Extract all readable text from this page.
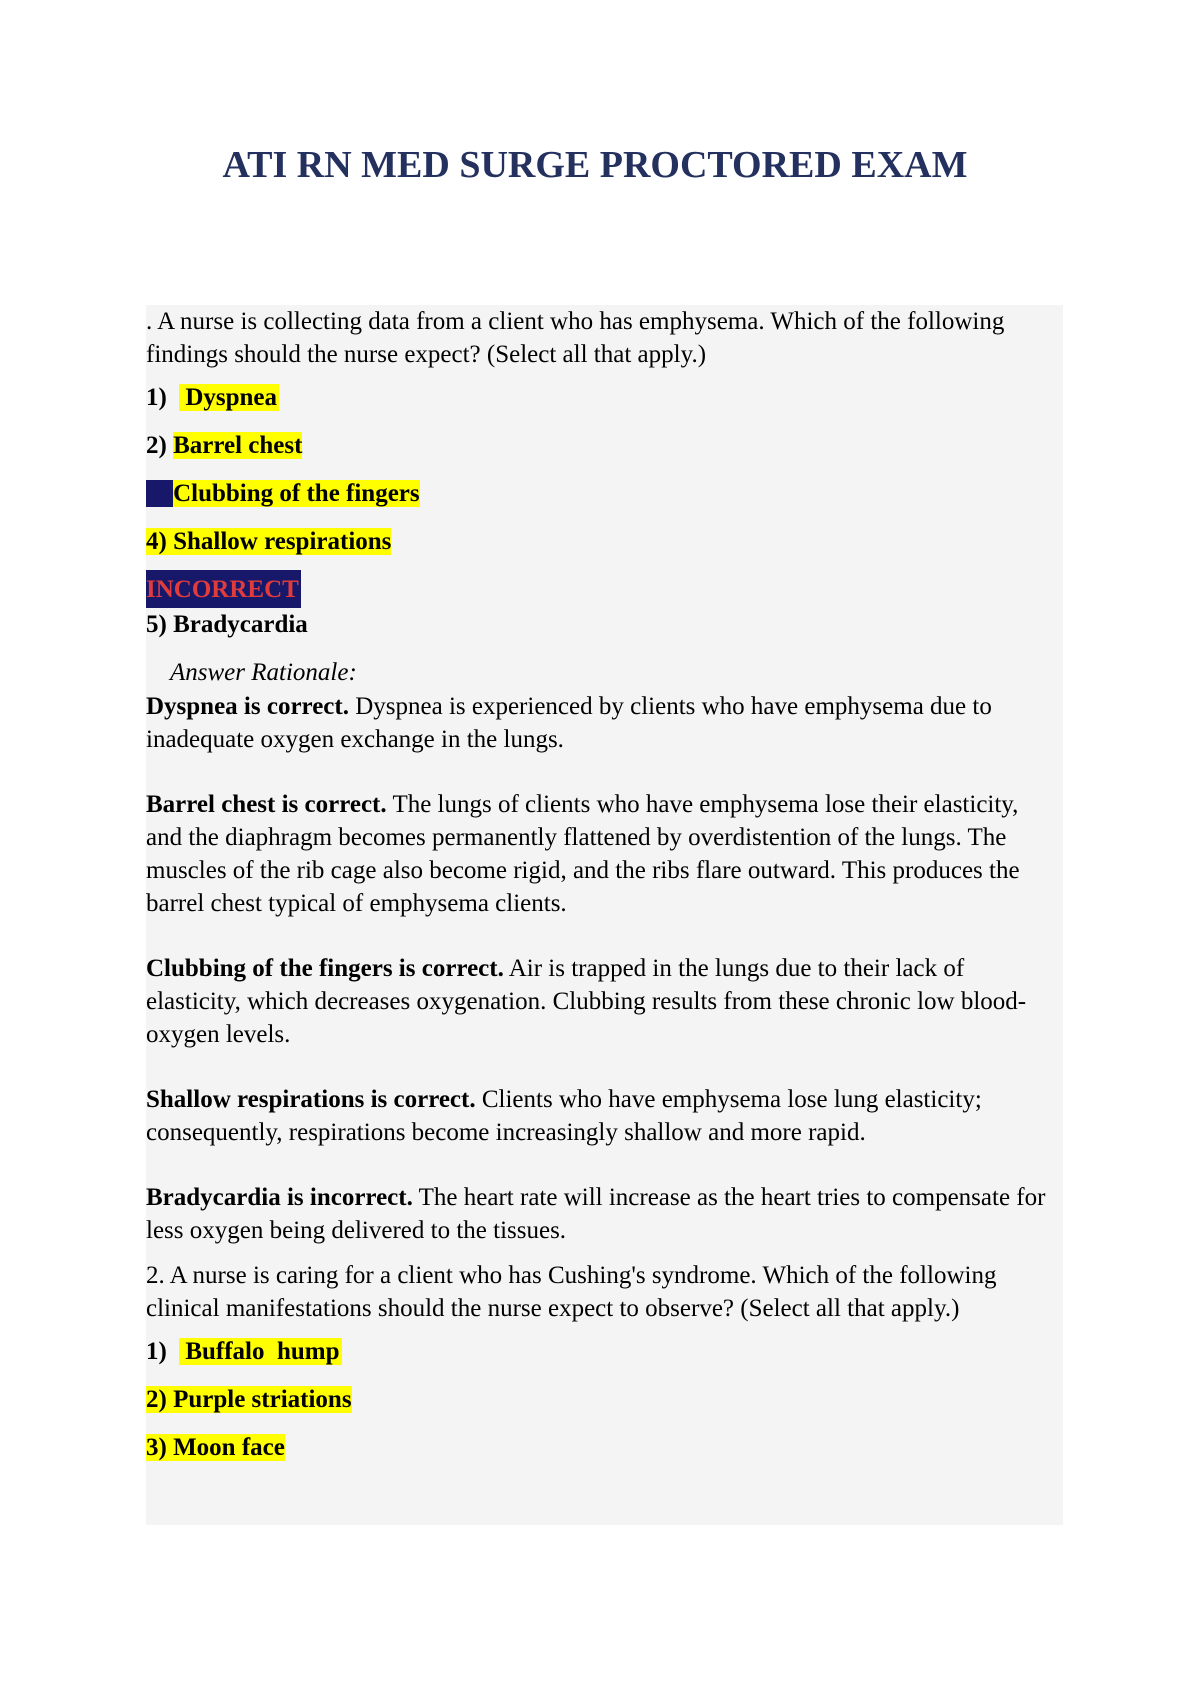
ATI RN MED SURGE PROCTORED EXAM

. A nurse is collecting data from a client who has emphysema. Which of the following findings should the nurse expect? (Select all that apply.)

1)  Dyspnea
2) Barrel chest
3) Clubbing of the fingers
4) Shallow respirations
INCORRECT
5) Bradycardia
Answer Rationale:

Dyspnea is correct. Dyspnea is experienced by clients who have emphysema due to inadequate oxygen exchange in the lungs.

Barrel chest is correct. The lungs of clients who have emphysema lose their elasticity, and the diaphragm becomes permanently flattened by overdistention of the lungs. The muscles of the rib cage also become rigid, and the ribs flare outward. This produces the barrel chest typical of emphysema clients.

Clubbing of the fingers is correct. Air is trapped in the lungs due to their lack of elasticity, which decreases oxygenation. Clubbing results from these chronic low blood-oxygen levels.

Shallow respirations is correct. Clients who have emphysema lose lung elasticity; consequently, respirations become increasingly shallow and more rapid.

Bradycardia is incorrect. The heart rate will increase as the heart tries to compensate for less oxygen being delivered to the tissues.

2. A nurse is caring for a client who has Cushing's syndrome. Which of the following clinical manifestations should the nurse expect to observe? (Select all that apply.)

1)  Buffalo  hump
2) Purple striations
3) Moon face
